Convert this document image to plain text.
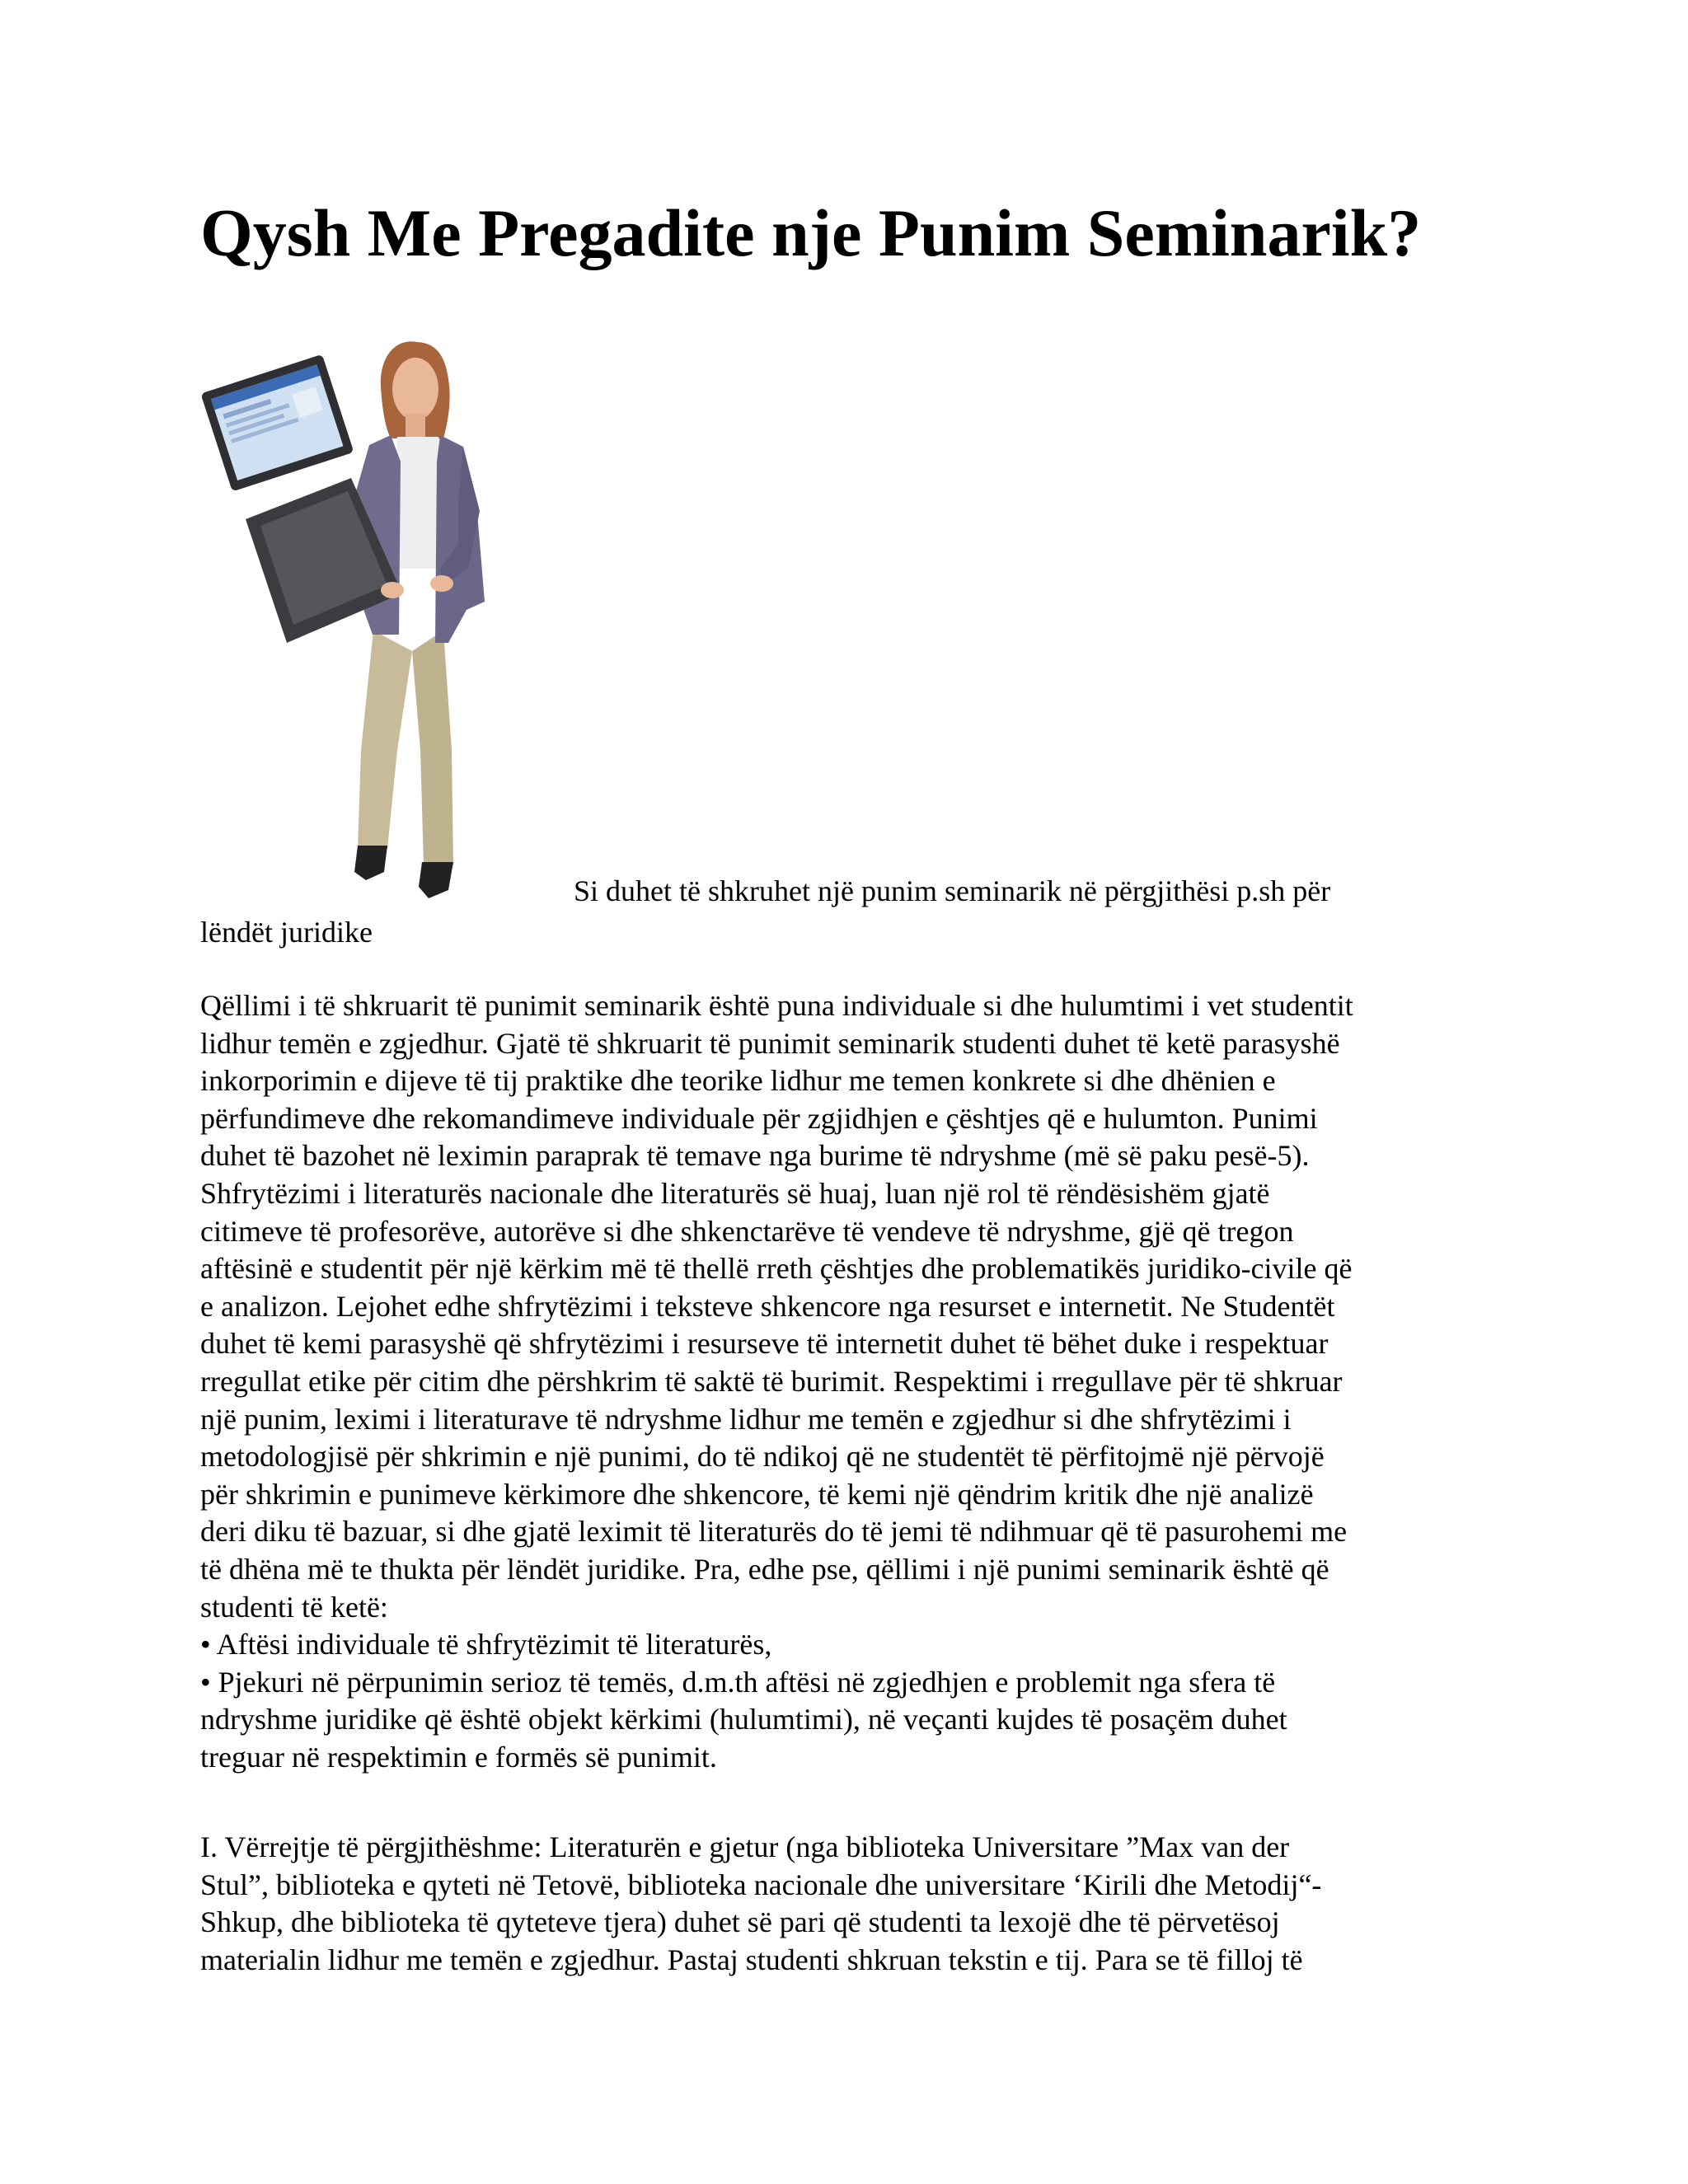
Qysh Me Pregadite nje Punim Seminarik?

Si duhet të shkruhet një punim seminarik në përgjithësi p.sh për

lëndët juridike

Qëllimi i të shkruarit të punimit seminarik është puna individuale si dhe hulumtimi i vet studentit
lidhur temën e zgjedhur. Gjatë të shkruarit të punimit seminarik studenti duhet të ketë parasyshë
inkorporimin e dijeve të tij praktike dhe teorike lidhur me temen konkrete si dhe dhënien e
përfundimeve dhe rekomandimeve individuale për zgjidhjen e çështjes që e hulumton. Punimi
duhet të bazohet në leximin paraprak të temave nga burime të ndryshme (më së paku pesë-5).
Shfrytëzimi i literaturës nacionale dhe literaturës së huaj, luan një rol të rëndësishëm gjatë
citimeve të profesorëve, autorëve si dhe shkenctarëve të vendeve të ndryshme, gjë që tregon
aftësinë e studentit për një kërkim më të thellë rreth çështjes dhe problematikës juridiko-civile që
e analizon. Lejohet edhe shfrytëzimi i teksteve shkencore nga resurset e internetit. Ne Studentët
duhet të kemi parasyshë që shfrytëzimi i resurseve të internetit duhet të bëhet duke i respektuar
rregullat etike për citim dhe përshkrim të saktë të burimit. Respektimi i rregullave për të shkruar
një punim, leximi i literaturave të ndryshme lidhur me temën e zgjedhur si dhe shfrytëzimi i
metodologjisë për shkrimin e një punimi, do të ndikoj që ne studentët të përfitojmë një përvojë
për shkrimin e punimeve kërkimore dhe shkencore, të kemi një qëndrim kritik dhe një analizë
deri diku të bazuar, si dhe gjatë leximit të literaturës do të jemi të ndihmuar që të pasurohemi me
të dhëna më te thukta për lëndët juridike. Pra, edhe pse, qëllimi i një punimi seminarik është që
studenti të ketë:
• Aftësi individuale të shfrytëzimit të literaturës,
• Pjekuri në përpunimin serioz të temës, d.m.th aftësi në zgjedhjen e problemit nga sfera të
ndryshme juridike që është objekt kërkimi (hulumtimi), në veçanti kujdes të posaçëm duhet
treguar në respektimin e formës së punimit.
I. Vërrejtje të përgjithëshme: Literaturën e gjetur (nga biblioteka Universitare ”Max van der
Stul”, biblioteka e qyteti në Tetovë, biblioteka nacionale dhe universitare ‘Kirili dhe Metodij“-
Shkup, dhe biblioteka të qyteteve tjera) duhet së pari që studenti ta lexojë dhe të përvetësoj
materialin lidhur me temën e zgjedhur. Pastaj studenti shkruan tekstin e tij. Para se të filloj të
